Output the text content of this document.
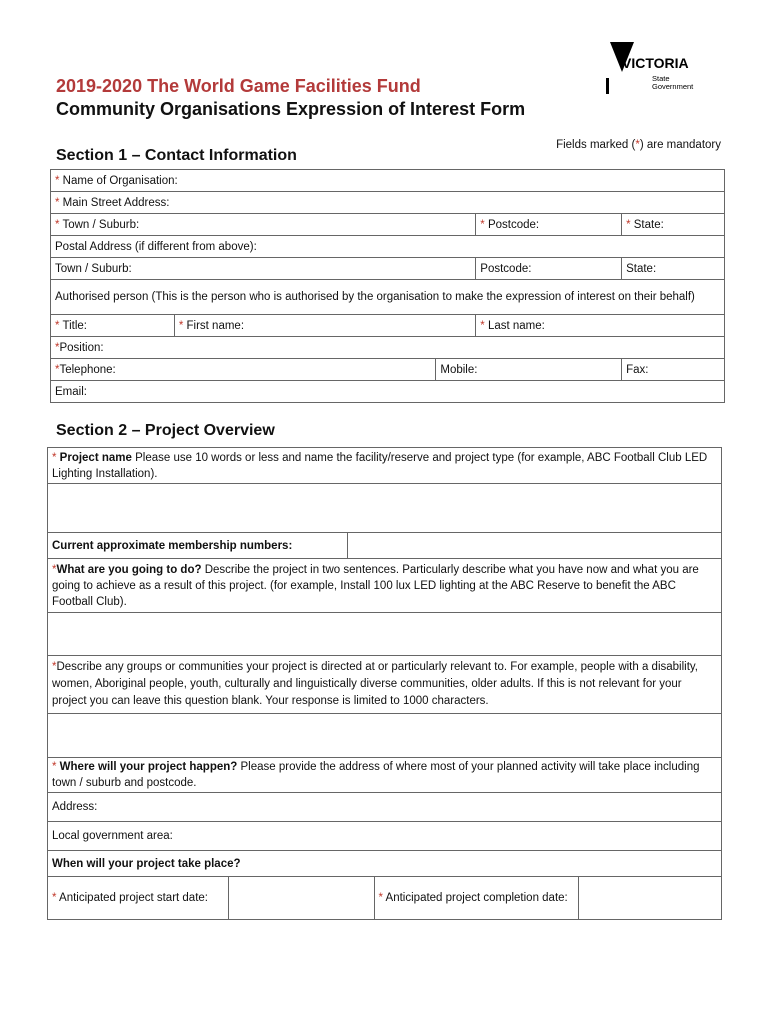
VICTORIA
State
Government
2019-2020 The World Game Facilities Fund
Community Organisations Expression of Interest Form
Fields marked (*) are mandatory
Section 1 – Contact Information
* Name of Organisation:				
* Main Street Address:				
* Town / Suburb:			* Postcode:	* State:
Postal Address (if different from above):				
Town / Suburb:			Postcode:	State:
Authorised person (This is the person who is authorised by the organisation to make the expression of interest on their behalf)				
* Title:	* First name:		* Last name:	
*Position:				
*Telephone:		Mobile:		Fax:
Email:				
Section 2 – Project Overview
* Project name Please use 10 words or less and name the facility/reserve and project type (for example, ABC Football Club LED Lighting Installation).				

Current approximate membership numbers:				
*What are you going to do? Describe the project in two sentences. Particularly describe what you have now and what you are going to achieve as a result of this project. (for example, Install 100 lux LED lighting at the ABC Reserve to benefit the ABC Football Club).				

*Describe any groups or communities your project is directed at or particularly relevant to. For example, people with a disability, women, Aboriginal people, youth, culturally and linguistically diverse communities, older adults. If this is not relevant for your project you can leave this question blank. Your response is limited to 1000 characters.				

* Where will your project happen? Please provide the address of where most of your planned activity will take place including town / suburb and postcode.				
Address:				
Local government area:				
When will your project take place?				
* Anticipated project start date:			* Anticipated project completion date:	
